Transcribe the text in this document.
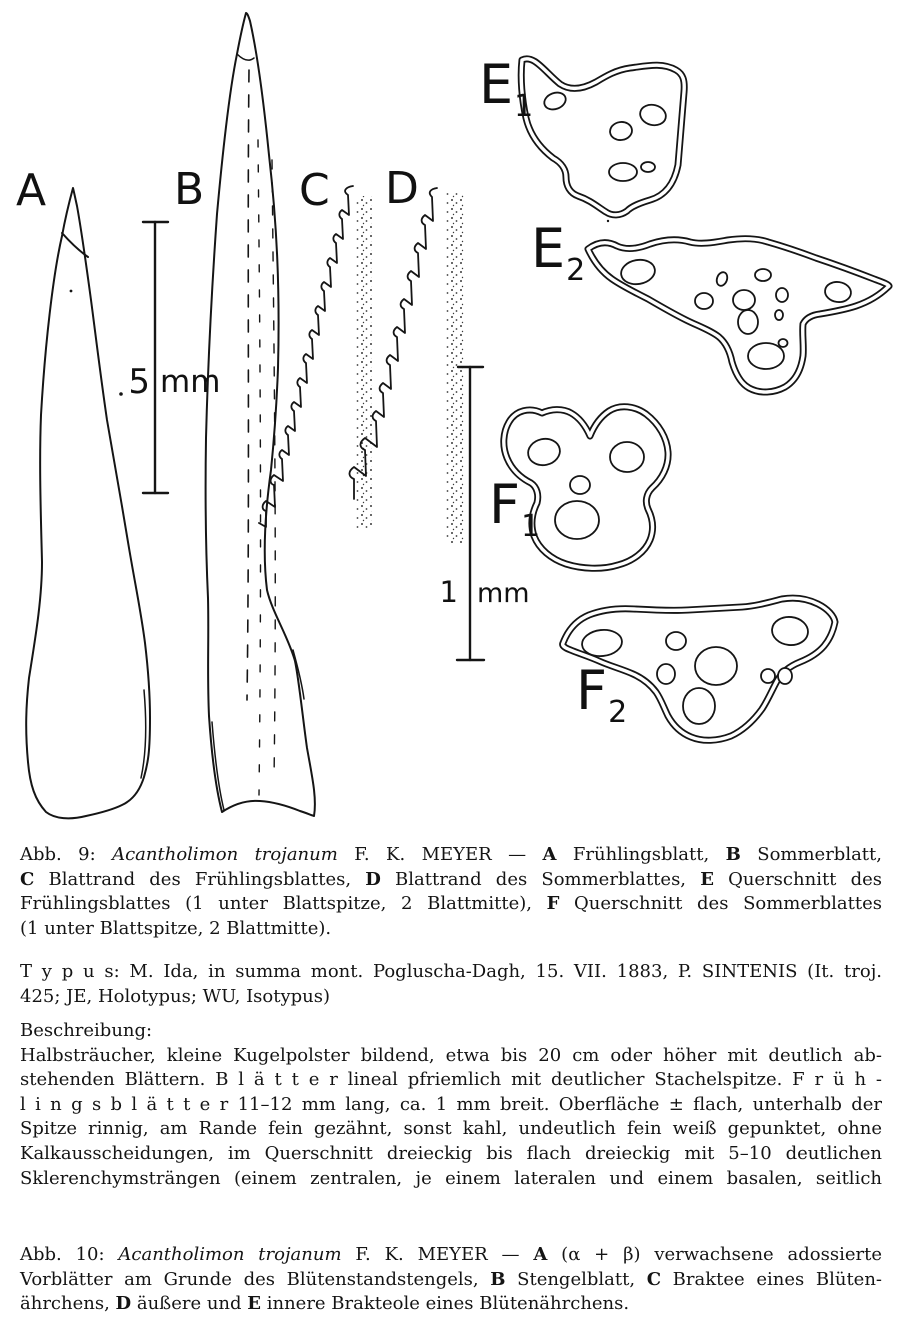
A	B C D
$E_1$
$E_2$
$F_1$
$F_2$
5 mm
1 mm
Abb. 9: Acantholimon trojanum F. K. MEYER — A Frühlingsblatt, B Sommerblatt,
C Blattrand des Frühlingsblattes, D Blattrand des Sommerblattes, E Querschnitt des
Frühlingsblattes (1 unter Blattspitze, 2 Blattmitte), F Querschnitt des Sommerblattes
(1 unter Blattspitze, 2 Blattmitte).
T y p u s: M. Ida, in summa mont. Pogluscha-Dagh, 15. VII. 1883, P. SINTENIS (It. troj.
425; JE, Holotypus; WU, Isotypus)
Beschreibung:
Halbsträucher, kleine Kugelpolster bildend, etwa bis 20 cm oder höher mit deutlich ab-
stehenden Blättern. B l ä t t e r lineal pfriemlich mit deutlicher Stachelspitze. F r ü h -
l i n g s b l ä t t e r 11–12 mm lang, ca. 1 mm breit. Oberfläche ± flach, unterhalb der
Spitze rinnig, am Rande fein gezähnt, sonst kahl, undeutlich fein weiß gepunktet, ohne
Kalkausscheidungen, im Querschnitt dreieckig bis flach dreieckig mit 5–10 deutlichen
Sklerenchymsträngen (einem zentralen, je einem lateralen und einem basalen, seitlich
Abb. 10: Acantholimon trojanum F. K. MEYER — A (α + β) verwachsene adossierte
Vorblätter am Grunde des Blütenstandstengels, B Stengelblatt, C Braktee eines Blüten-
ährchens, D äußere und E innere Brakteole eines Blütenährchens.
